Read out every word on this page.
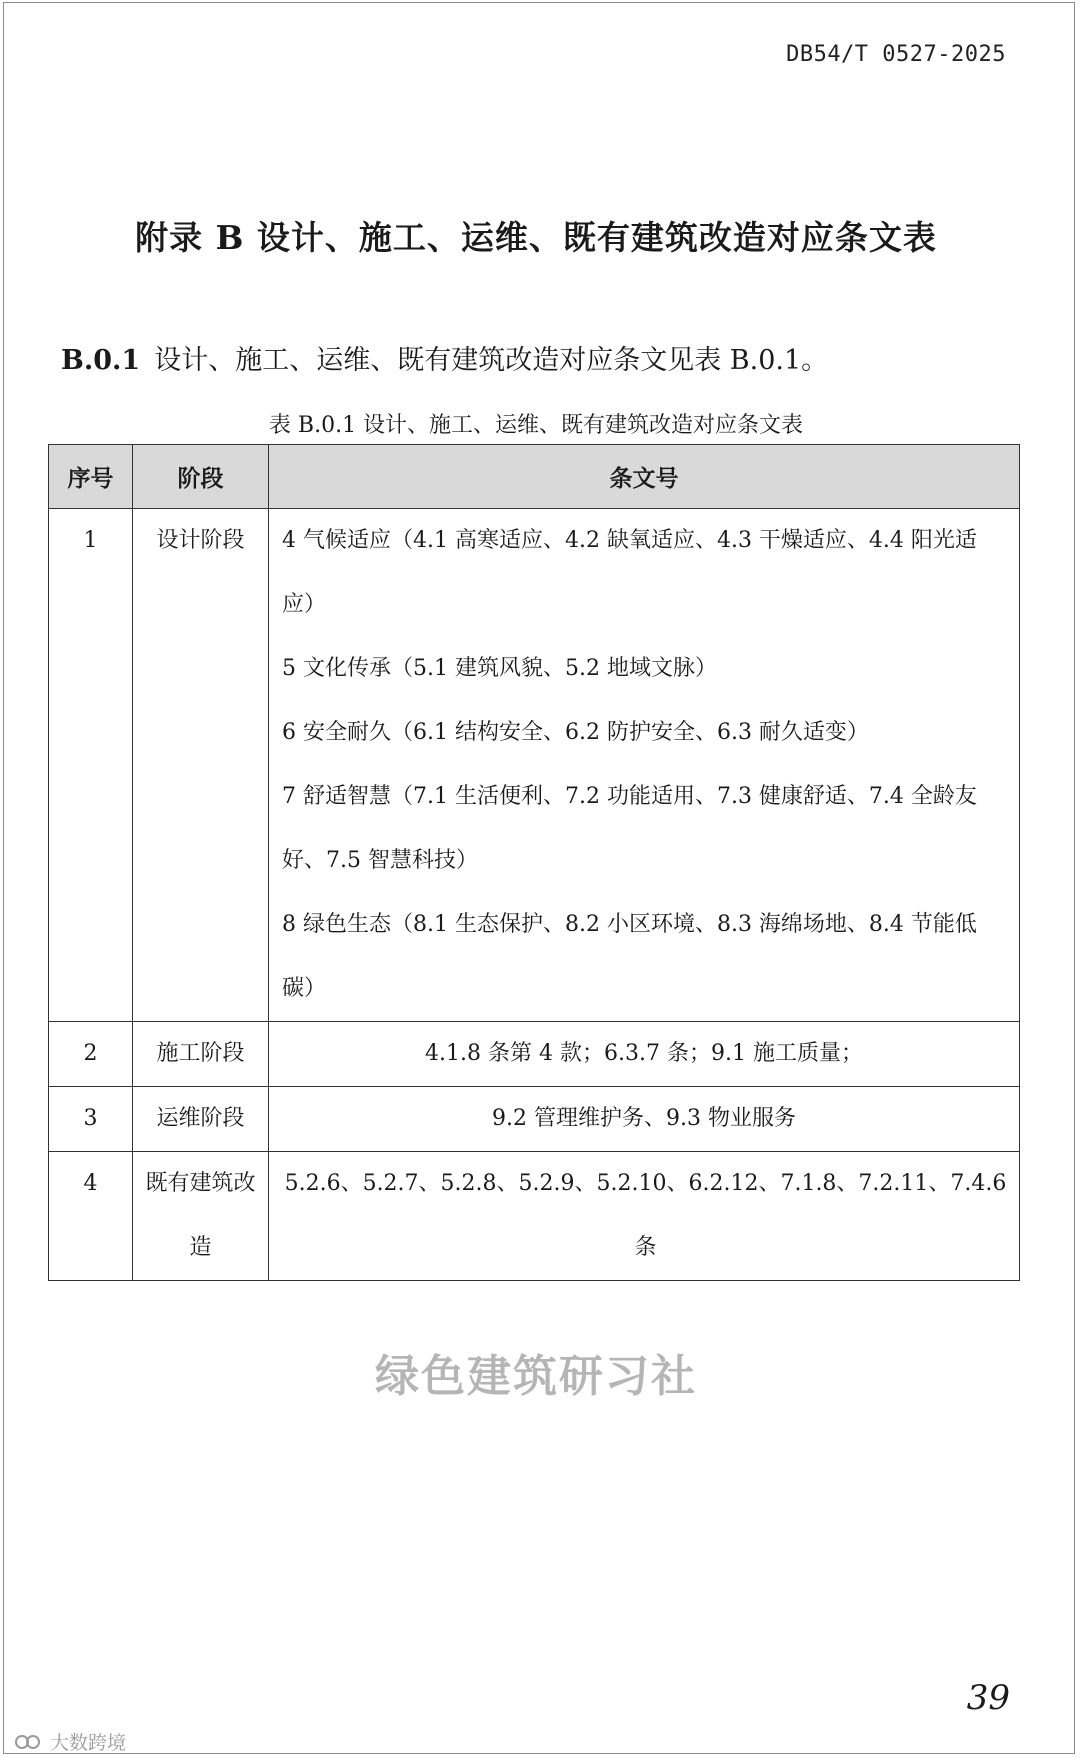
DB54/T 0527-2025
附录 B 设计、施工、运维、既有建筑改造对应条文表
B.0.1 设计、施工、运维、既有建筑改造对应条文见表 B.0.1。
表 B.0.1 设计、施工、运维、既有建筑改造对应条文表
序号	阶段	条文号
1	设计阶段	4 气候适应（4.1 高寒适应、4.2 缺氧适应、4.3 干燥适应、4.4 阳光适应）
5 文化传承（5.1 建筑风貌、5.2 地域文脉）
6 安全耐久（6.1 结构安全、6.2 防护安全、6.3 耐久适变）
7 舒适智慧（7.1 生活便利、7.2 功能适用、7.3 健康舒适、7.4 全龄友好、7.5 智慧科技）
8 绿色生态（8.1 生态保护、8.2 小区环境、8.3 海绵场地、8.4 节能低碳）

2	施工阶段	4.1.8 条第 4 款；6.3.7 条；9.1 施工质量；
3	运维阶段	9.2 管理维护务、9.3 物业服务
4	既有建筑改造	5.2.6、5.2.7、5.2.8、5.2.9、5.2.10、6.2.12、7.1.8、7.2.11、7.4.6 条
绿色建筑研习社
39
大数跨境
